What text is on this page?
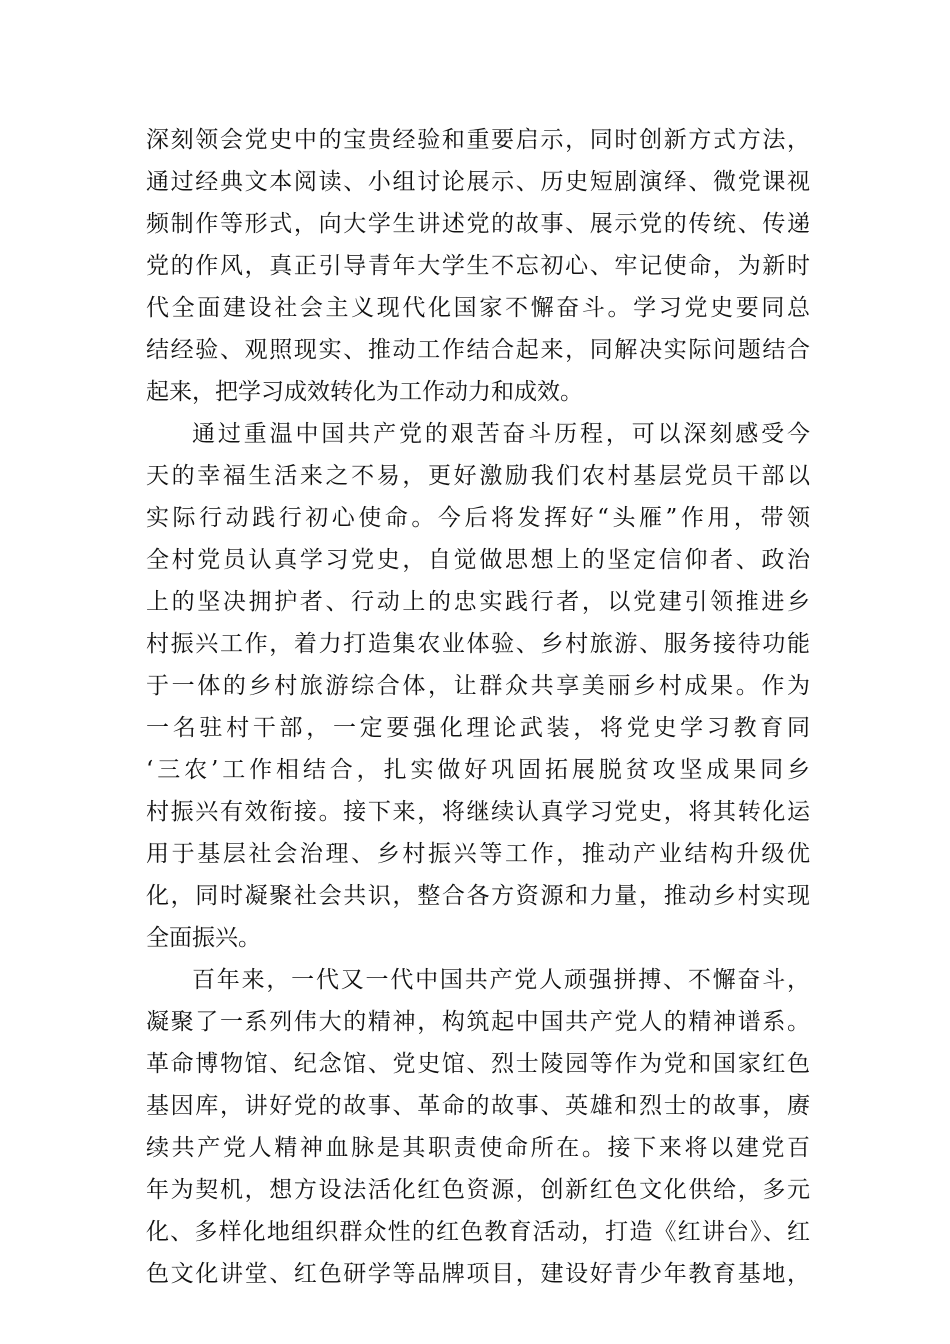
深刻领会党史中的宝贵经验和重要启示，同时创新方式方法，
通过经典文本阅读、小组讨论展示、历史短剧演绎、微党课视
频制作等形式，向大学生讲述党的故事、展示党的传统、传递
党的作风，真正引导青年大学生不忘初心、牢记使命，为新时
代全面建设社会主义现代化国家不懈奋斗。学习党史要同总
结经验、观照现实、推动工作结合起来，同解决实际问题结合
起来，把学习成效转化为工作动力和成效。
通过重温中国共产党的艰苦奋斗历程，可以深刻感受今
天的幸福生活来之不易，更好激励我们农村基层党员干部以
实际行动践行初心使命。今后将发挥好“头雁”作用，带领
全村党员认真学习党史，自觉做思想上的坚定信仰者、政治
上的坚决拥护者、行动上的忠实践行者，以党建引领推进乡
村振兴工作，着力打造集农业体验、乡村旅游、服务接待功能
于一体的乡村旅游综合体，让群众共享美丽乡村成果。作为
一名驻村干部，一定要强化理论武装，将党史学习教育同
‘三农’工作相结合，扎实做好巩固拓展脱贫攻坚成果同乡
村振兴有效衔接。接下来，将继续认真学习党史，将其转化运
用于基层社会治理、乡村振兴等工作，推动产业结构升级优
化，同时凝聚社会共识，整合各方资源和力量，推动乡村实现
全面振兴。
百年来，一代又一代中国共产党人顽强拼搏、不懈奋斗，
凝聚了一系列伟大的精神，构筑起中国共产党人的精神谱系。
革命博物馆、纪念馆、党史馆、烈士陵园等作为党和国家红色
基因库，讲好党的故事、革命的故事、英雄和烈士的故事，赓
续共产党人精神血脉是其职责使命所在。接下来将以建党百
年为契机，想方设法活化红色资源，创新红色文化供给，多元
化、多样化地组织群众性的红色教育活动，打造《红讲台》、红
色文化讲堂、红色研学等品牌项目，建设好青少年教育基地，
